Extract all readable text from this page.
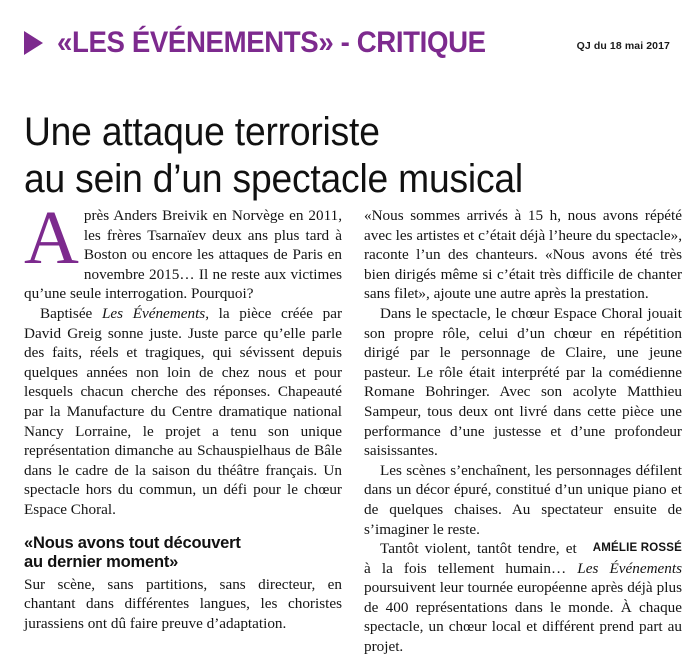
«LES ÉVÉNEMENTS» - CRITIQUE	QJ du 18 mai 2017
Une attaque terroriste
au sein d’un spectacle musical

A près Anders Breivik en Norvège en 2011, les frères Tsarnaïev deux ans plus tard à Boston ou encore les attaques de Paris en novembre 2015… Il ne reste aux victimes qu’une seule interrogation. Pourquoi?

Baptisée Les Événements, la pièce créée par David Greig sonne juste. Juste parce qu’elle parle des faits, réels et tragiques, qui sévissent depuis quelques années non loin de chez nous et pour lesquels chacun cherche des réponses. Chapeauté par la Manufacture du Centre dramatique national Nancy Lorraine, le projet a tenu son unique représentation dimanche au Schauspielhaus de Bâle dans le cadre de la saison du théâtre français. Un spectacle hors du commun, un défi pour le chœur Espace Choral.

«Nous avons tout découvert
au dernier moment»

Sur scène, sans partitions, sans directeur, en chantant dans différentes langues, les choristes jurassiens ont dû faire preuve d’adaptation.

«Nous sommes arrivés à 15 h, nous avons répété avec les artistes et c’était déjà l’heure du spectacle», raconte l’un des chanteurs. «Nous avons été très bien dirigés même si c’était très difficile de chanter sans filet», ajoute une autre après la prestation.

Dans le spectacle, le chœur Espace Choral jouait son propre rôle, celui d’un chœur en répétition dirigé par le personnage de Claire, une jeune pasteur. Le rôle était interprété par la comédienne Romane Bohringer. Avec son acolyte Matthieu Sampeur, tous deux ont livré dans cette pièce une performance d’une justesse et d’une profondeur saisissantes.

Les scènes s’enchaînent, les personnages défilent dans un décor épuré, constitué d’un unique piano et de quelques chaises. Au spectateur ensuite de s’imaginer le reste.

AMÉLIE ROSSÉ
Tantôt violent, tantôt tendre, et à la fois tellement humain… Les Événements poursuivent leur tournée européenne après déjà plus de 400 représentations dans le monde. À chaque spectacle, un chœur local et différent prend part au projet.
